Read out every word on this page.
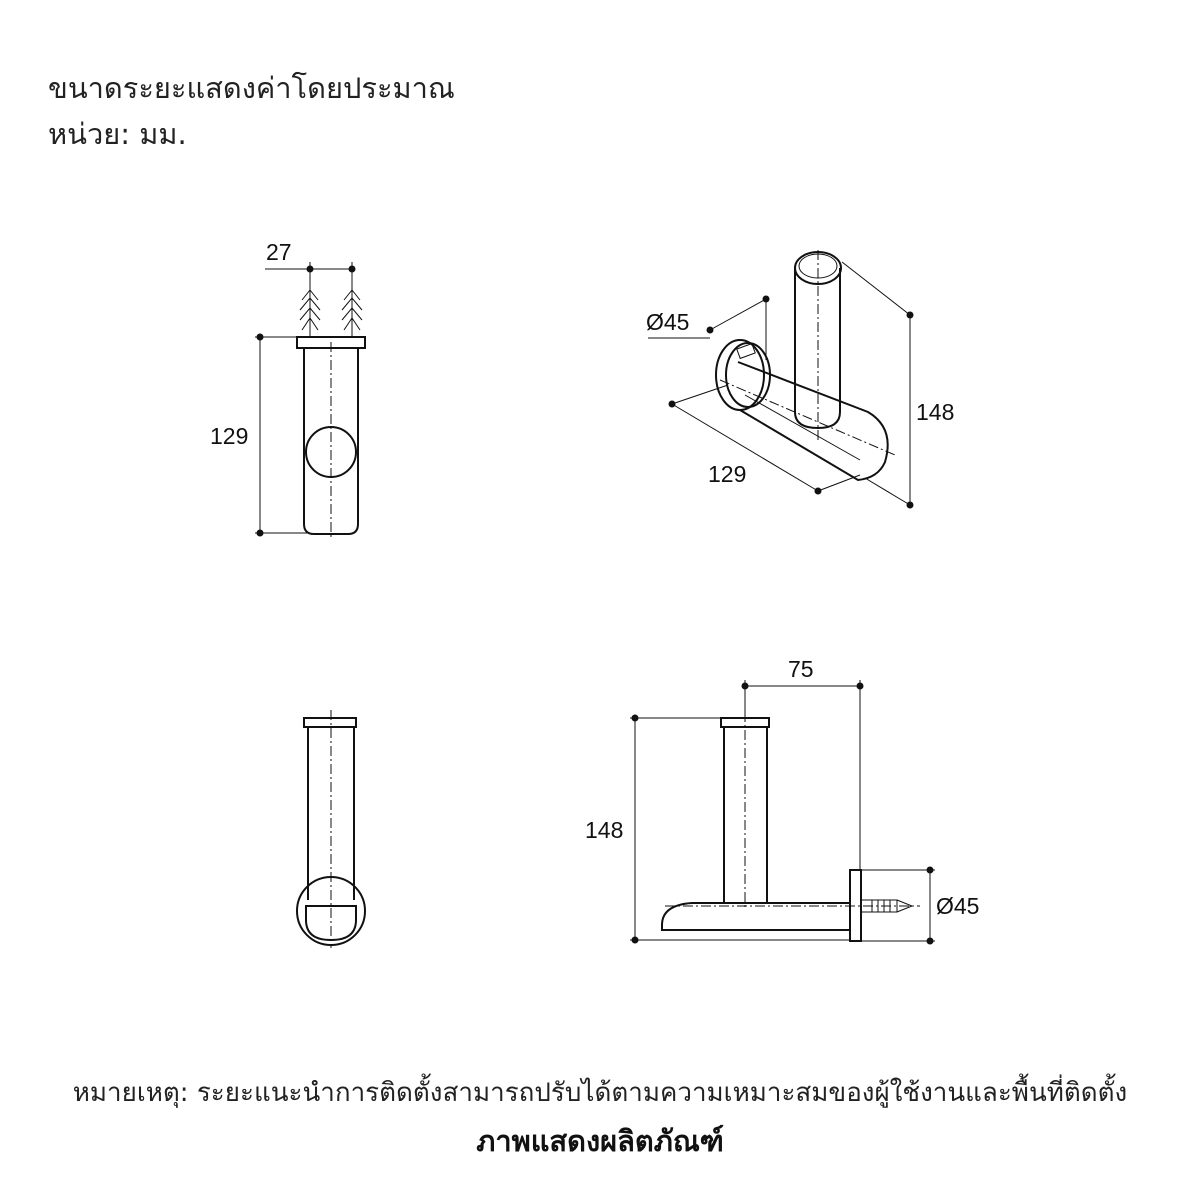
ขนาดระยะแสดงค่าโดยประมาณ
หน่วย: มม.
27
129
Ø45
129
148
75
148
Ø45
หมายเหตุ: ระยะแนะนำการติดตั้งสามารถปรับได้ตามความเหมาะสมของผู้ใช้งานและพื้นที่ติดตั้ง
ภาพแสดงผลิตภัณฑ์
